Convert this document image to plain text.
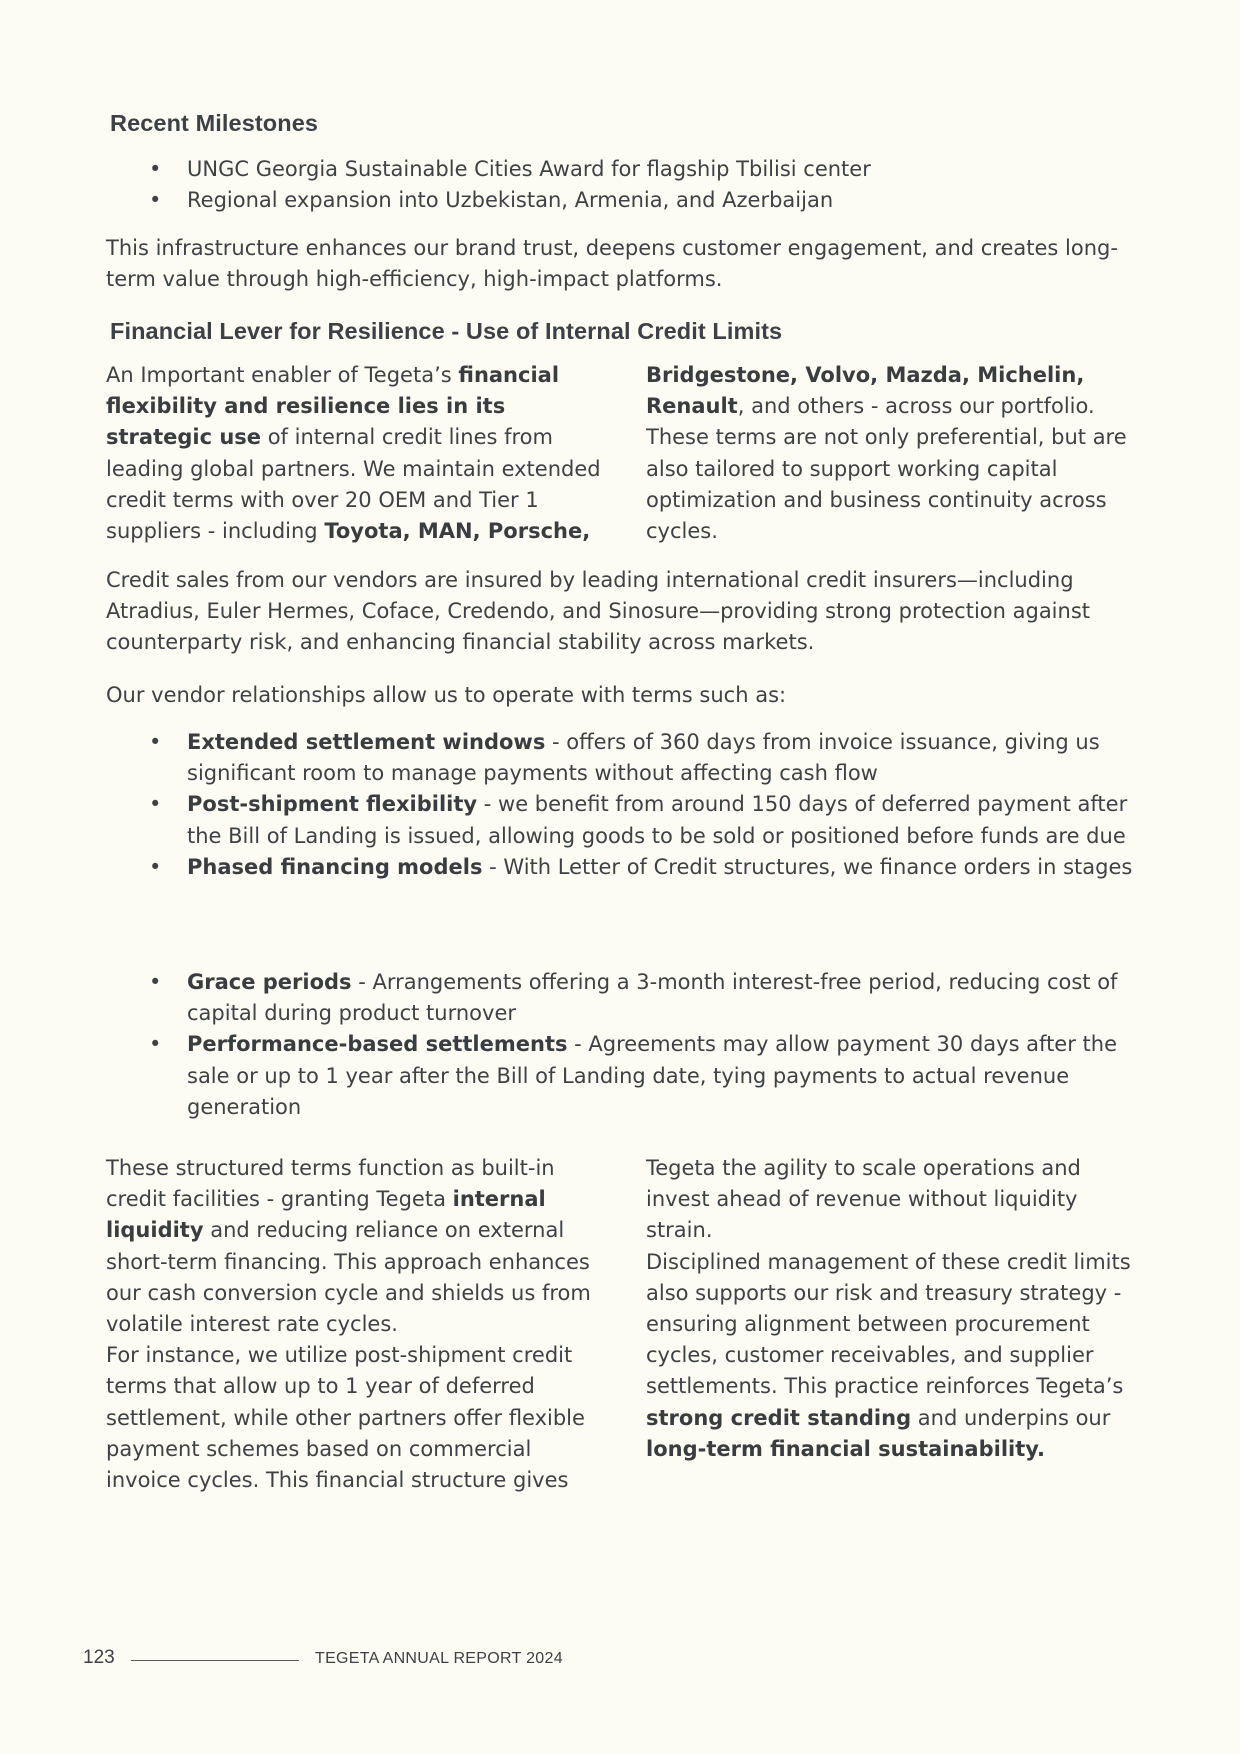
Recent Milestones
• UNGC Georgia Sustainable Cities Award for flagship Tbilisi center
• Regional expansion into Uzbekistan, Armenia, and Azerbaijan

This infrastructure enhances our brand trust, deepens customer engagement, and creates long-term value through high-efficiency, high-impact platforms.

Financial Lever for Resilience - Use of Internal Credit Limits

An Important enabler of Tegeta’s financial flexibility and resilience lies in its strategic use of internal credit lines from leading global partners. We maintain extended credit terms with over 20 OEM and Tier 1 suppliers - including Toyota, MAN, Porsche,

Bridgestone, Volvo, Mazda, Michelin, Renault, and others - across our portfolio. These terms are not only preferential, but are also tailored to support working capital optimization and business continuity across cycles.

Credit sales from our vendors are insured by leading international credit insurers—including Atradius, Euler Hermes, Coface, Credendo, and Sinosure—providing strong protection against counterparty risk, and enhancing financial stability across markets.

Our vendor relationships allow us to operate with terms such as:

• Extended settlement windows - offers of 360 days from invoice issuance, giving us significant room to manage payments without affecting cash flow
• Post-shipment flexibility - we benefit from around 150 days of deferred payment after the Bill of Landing is issued, allowing goods to be sold or positioned before funds are due
• Phased financing models - With Letter of Credit structures, we finance orders in stages
• Grace periods - Arrangements offering a 3-month interest-free period, reducing cost of capital during product turnover
• Performance-based settlements - Agreements may allow payment 30 days after the sale or up to 1 year after the Bill of Landing date, tying payments to actual revenue generation

These structured terms function as built-in credit facilities - granting Tegeta internal liquidity and reducing reliance on external short-term financing. This approach enhances our cash conversion cycle and shields us from volatile interest rate cycles.

For instance, we utilize post-shipment credit terms that allow up to 1 year of deferred settlement, while other partners offer flexible payment schemes based on commercial invoice cycles. This financial structure gives

Tegeta the agility to scale operations and invest ahead of revenue without liquidity strain.

Disciplined management of these credit limits also supports our risk and treasury strategy - ensuring alignment between procurement cycles, customer receivables, and supplier settlements. This practice reinforces Tegeta’s strong credit standing and underpins our long-term financial sustainability.

123	TEGETA ANNUAL REPORT 2024
